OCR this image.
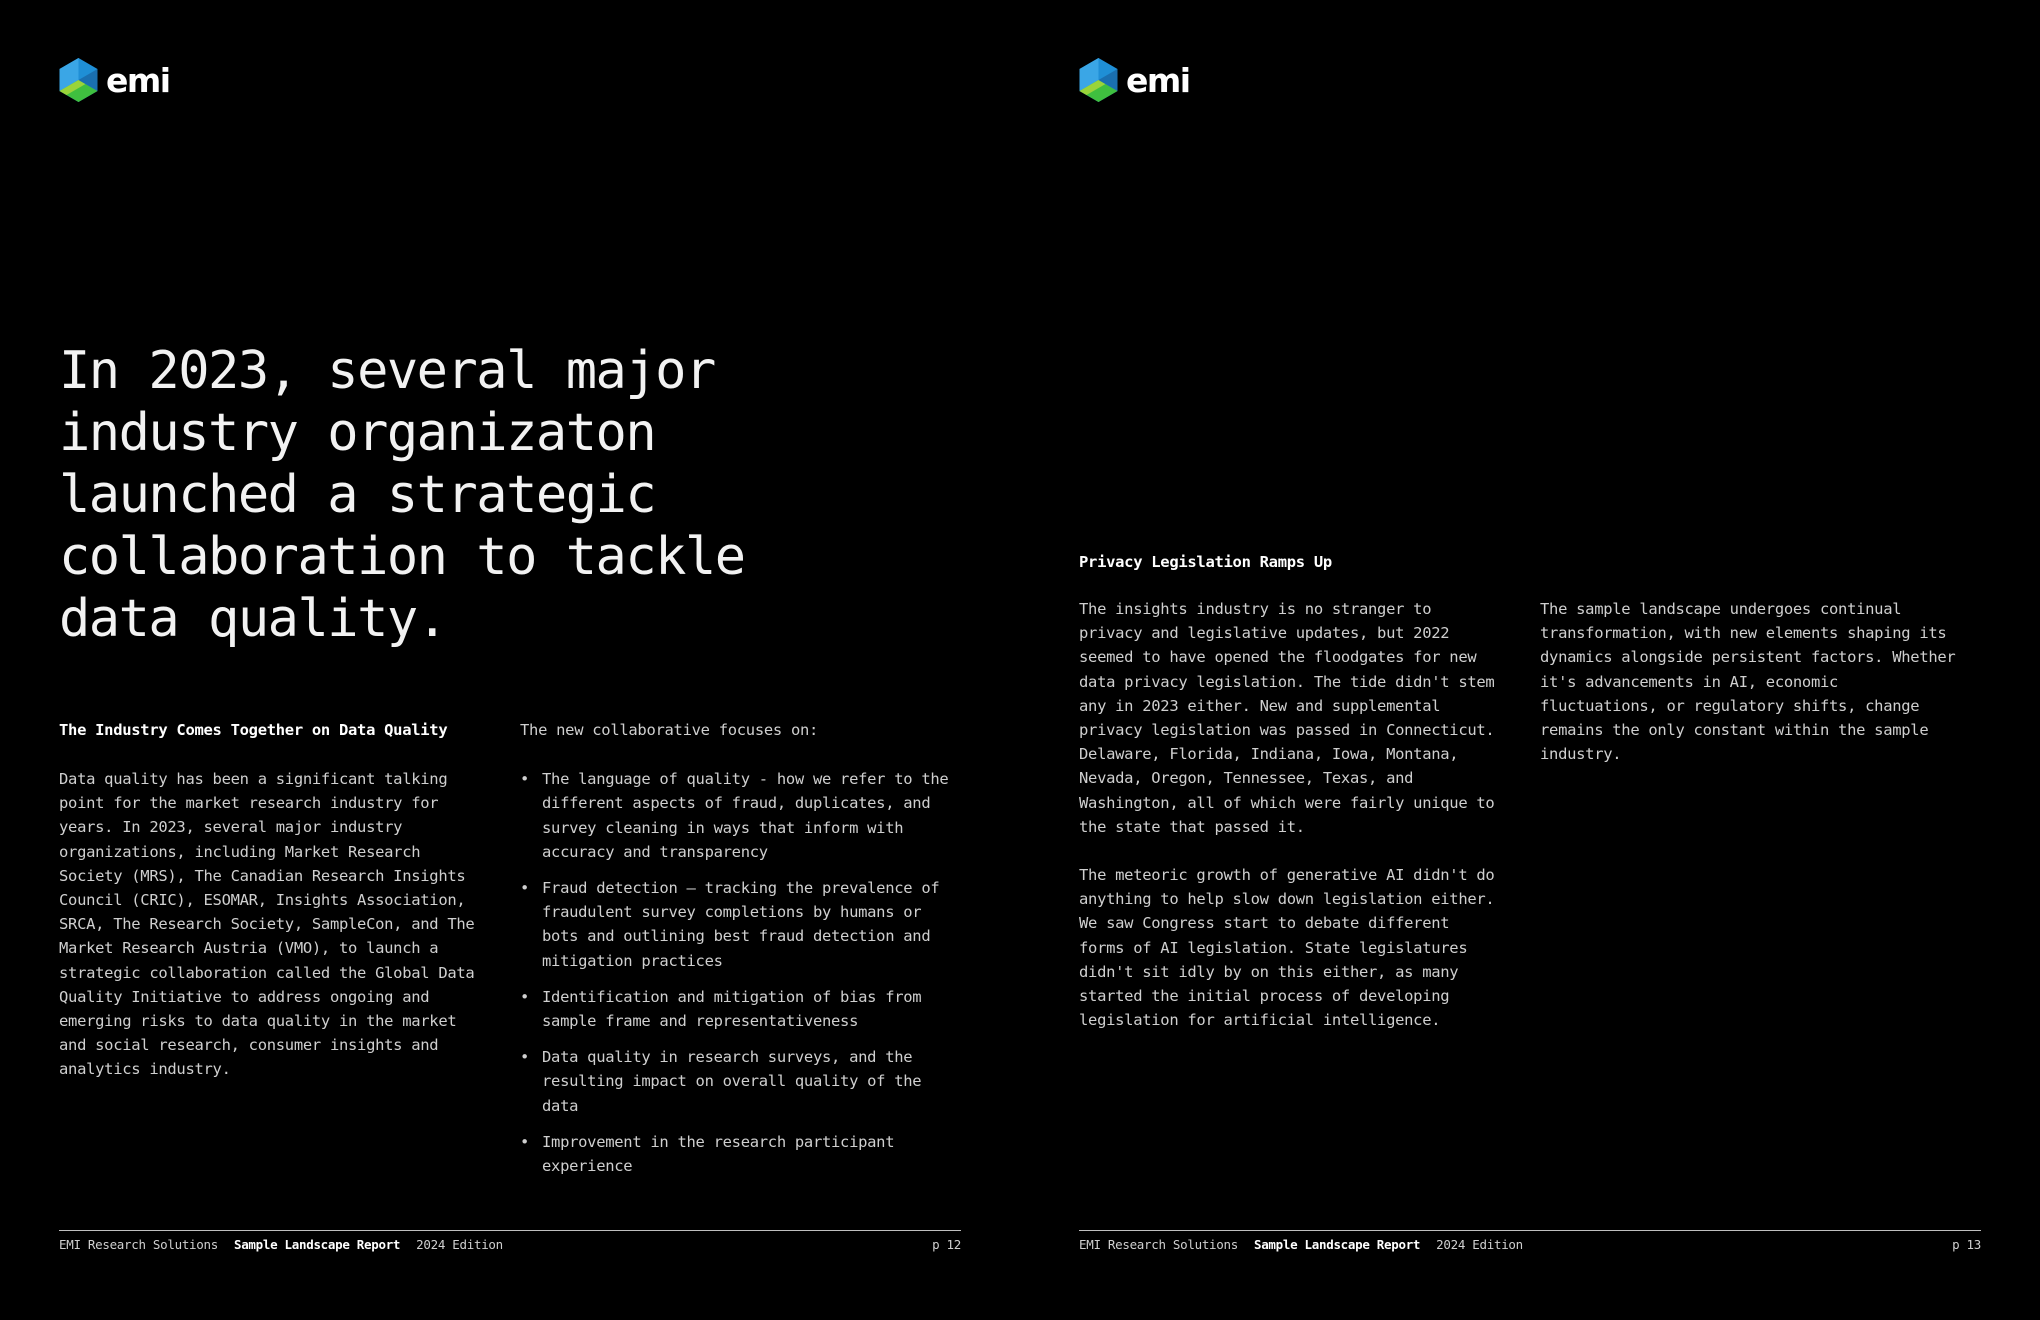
emi
In 2023, several major industry organizaton launched a strategic collaboration to tackle data quality.
The Industry Comes Together on Data Quality

Data quality has been a significant talking point for the market research industry for years. In 2023, several major industry organizations, including Market Research Society (MRS), The Canadian Research Insights Council (CRIC), ESOMAR, Insights Association, SRCA, The Research Society, SampleCon, and The Market Research Austria (VMO), to launch a strategic collaboration called the Global Data Quality Initiative to address ongoing and emerging risks to data quality in the market and social research, consumer insights and analytics industry.

The new collaborative focuses on:

• The language of quality - how we refer to the different aspects of fraud, duplicates, and survey cleaning in ways that inform with accuracy and transparency
• Fraud detection – tracking the prevalence of fraudulent survey completions by humans or bots and outlining best fraud detection and mitigation practices
• Identification and mitigation of bias from sample frame and representativeness
• Data quality in research surveys, and the resulting impact on overall quality of the data
• Improvement in the research participant experience
EMI Research Solutions Sample Landscape Report 2024 Edition	p 12
emi
Privacy Legislation Ramps Up

The insights industry is no stranger to privacy and legislative updates, but 2022 seemed to have opened the floodgates for new data privacy legislation. The tide didn't stem any in 2023 either. New and supplemental privacy legislation was passed in Connecticut. Delaware, Florida, Indiana, Iowa, Montana, Nevada, Oregon, Tennessee, Texas, and Washington, all of which were fairly unique to the state that passed it.

The meteoric growth of generative AI didn't do anything to help slow down legislation either. We saw Congress start to debate different forms of AI legislation. State legislatures didn't sit idly by on this either, as many started the initial process of developing legislation for artificial intelligence.

The sample landscape undergoes continual transformation, with new elements shaping its dynamics alongside persistent factors. Whether it's advancements in AI, economic fluctuations, or regulatory shifts, change remains the only constant within the sample industry.

EMI Research Solutions Sample Landscape Report 2024 Edition	p 13
